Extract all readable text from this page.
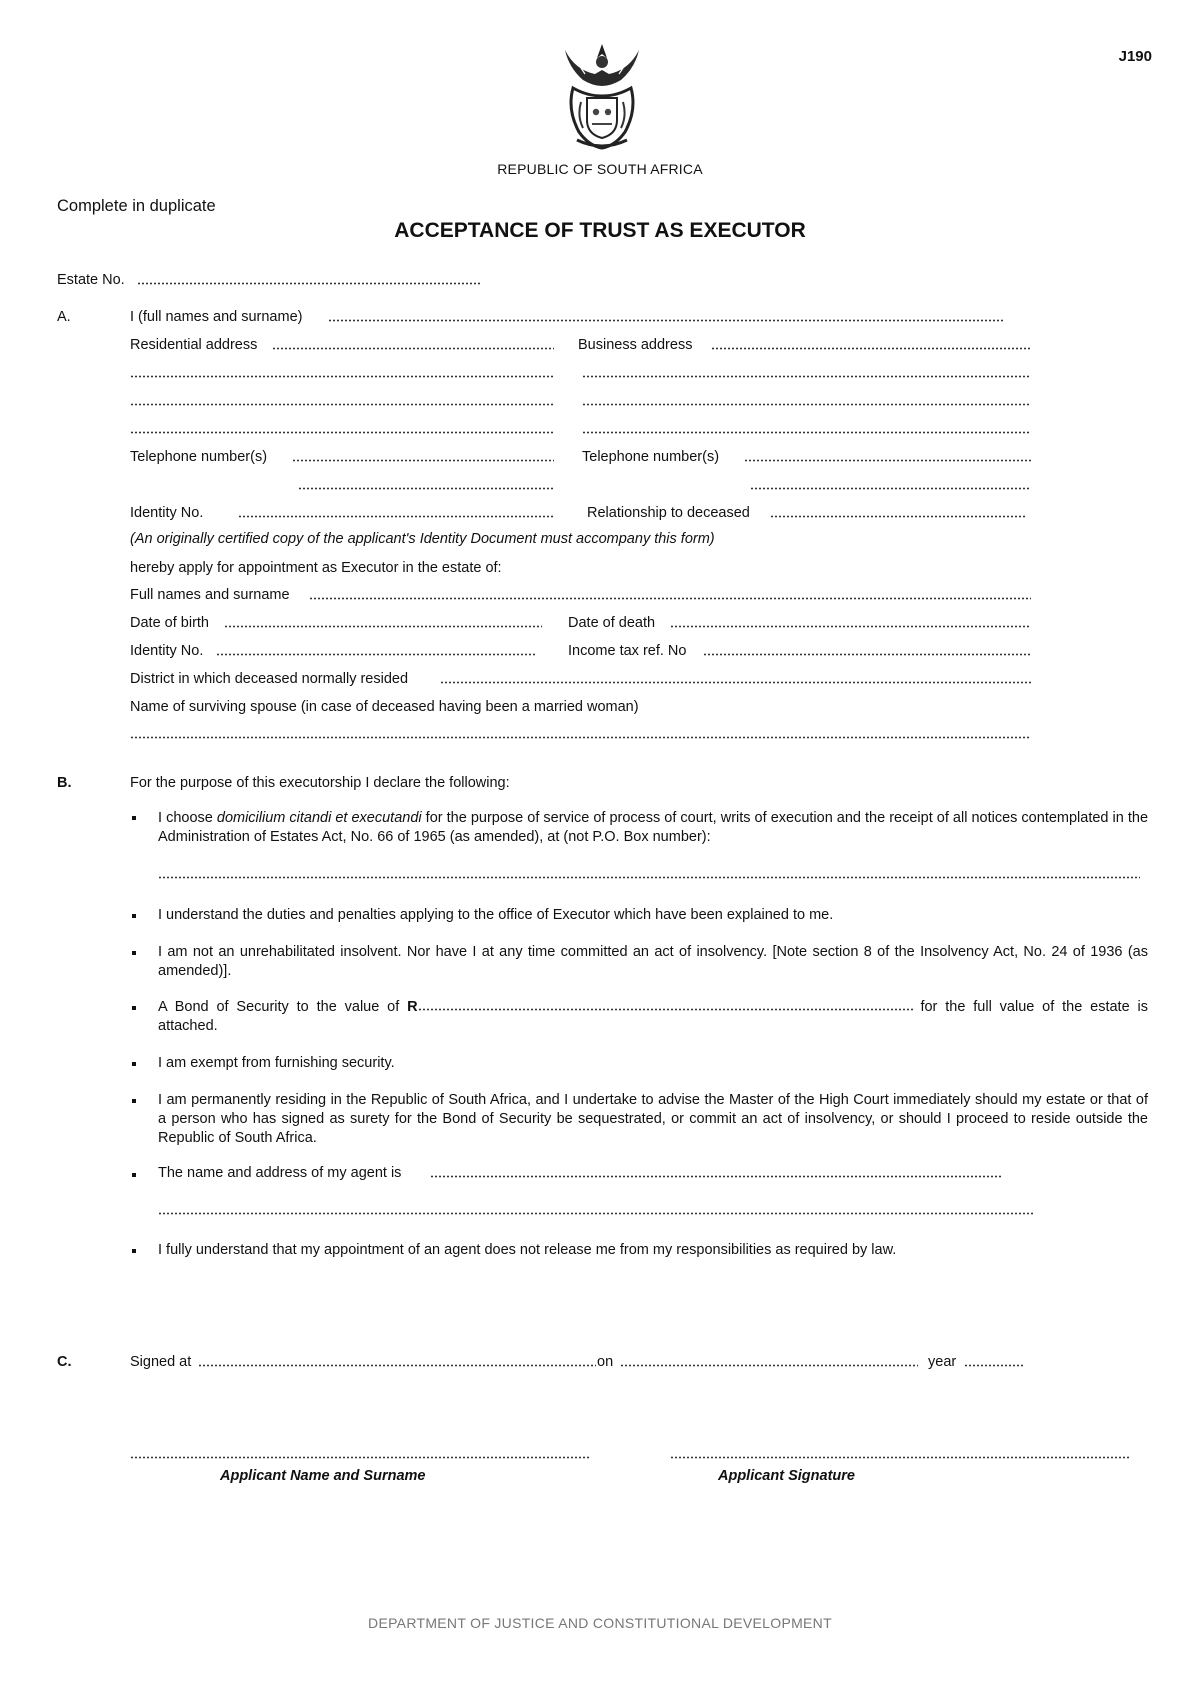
J190
REPUBLIC OF SOUTH AFRICA
Complete in duplicate
ACCEPTANCE OF TRUST AS EXECUTOR
Estate No.
A.	I (full names and surname)
Residential address	Business address
Telephone number(s)	Telephone number(s)
Identity No.	Relationship to deceased
(An originally certified copy of the applicant's Identity Document must accompany this form)
hereby apply for appointment as Executor in the estate of:
Full names and surname
Date of birth	Date of death
Identity No.	Income tax ref. No
District in which deceased normally resided
Name of surviving spouse (in case of deceased having been a married woman)
B.	For the purpose of this executorship I declare the following:
I choose domicilium citandi et executandi for the purpose of service of process of court, writs of execution and the receipt of all notices contemplated in the Administration of Estates Act, No. 66 of 1965 (as amended), at (not P.O. Box number):
I understand the duties and penalties applying to the office of Executor which have been explained to me.
I am not an unrehabilitated insolvent. Nor have I at any time committed an act of insolvency. [Note section 8 of the Insolvency Act, No. 24 of 1936 (as amended)].
A Bond of Security to the value of R	for the full value of the estate is attached.
I am exempt from furnishing security.
I am permanently residing in the Republic of South Africa, and I undertake to advise the Master of the High Court immediately should my estate or that of a person who has signed as surety for the Bond of Security be sequestrated, or commit an act of insolvency, or should I proceed to reside outside the Republic of South Africa.
The name and address of my agent is
I fully understand that my appointment of an agent does not release me from my responsibilities as required by law.
C.	Signed at	on	year
Applicant Name and Surname	Applicant Signature
DEPARTMENT OF JUSTICE AND CONSTITUTIONAL DEVELOPMENT
